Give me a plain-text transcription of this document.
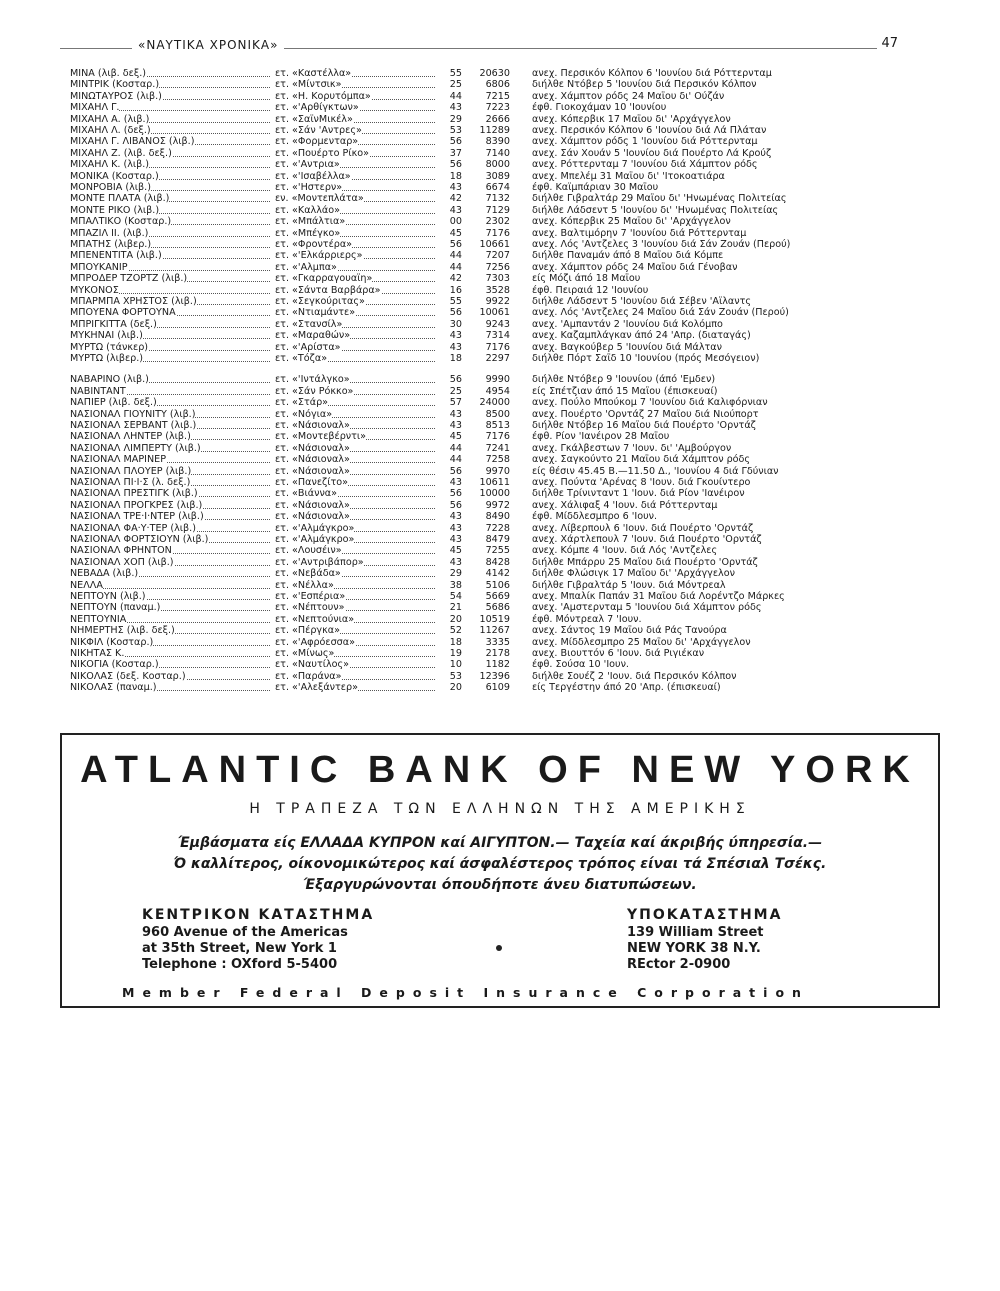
«ΝΑΥΤΙΚΑ ΧΡΟΝΙΚΑ»	47
ΜΙΝΑ (λιβ. δεξ.)	ετ. «Καστέλλα»	55	20630 ανεχ. Περσικόν Κόλπον 6 'Ιουνίου διά Ρόττερνταμ
ΜΙΝΤΡΙΚ (Κοσταρ.)	ετ. «Μίντσικ»	25	6806 διήλθε Ντόβερ 5 'Ιουνίου διά Περσικόν Κόλπον
ΜΙΝΩΤΑΥΡΟΣ (λιβ.)	ετ. «Η. Κορυτόμπα»	44	7215 ανεχ. Χάμπτον ρόδς 24 Μαΐου δι' Ούζάν
ΜΙΧΑΗΛ Γ.	ετ. «'Αρθίγκτων»	43	7223 έφθ. Γιοκοχάμαν 10 'Ιουνίου
ΜΙΧΑΗΛ Α. (λιβ.)	ετ. «ΣαϊνΜικέλ»	29	2666 ανεχ. Κόπερβικ 17 Μαΐου δι' 'Αρχάγγελον
ΜΙΧΑΗΛ Λ. (δεξ.)	ετ. «Σάν 'Αντρες»	53	11289 ανεχ. Περσικόν Κόλπον 6 'Ιουνίου διά Λά Πλάταν
ΜΙΧΑΗΛ Γ. ΛΙΒΑΝΟΣ (λιβ.)	ετ. «Φορμενταρ»	56	8390 ανεχ. Χάμπτον ρόδς 1 'Ιουνίου διά Ρόττερνταμ
ΜΙΧΑΗΛ Ζ. (λιβ. δεξ.)	ετ. «Πουέρτο Ρίκο»	37	7140 ανεχ. Σάν Χουάν 5 'Ιουνίου διά Πουέρτο Λά Κρούζ
ΜΙΧΑΗΛ Κ. (λιβ.)	ετ. «'Αντρια»	56	8000 ανεχ. Ρόττερνταμ 7 'Ιουνίου διά Χάμπτον ρόδς
ΜΟΝΙΚΑ (Κοσταρ.)	ετ. «'Ισαβέλλα»	18	3089 ανεχ. Μπελέμ 31 Μαΐου δι' 'Ιτοκοατιάρα
ΜΟΝΡΟΒΙΑ (λιβ.)	ετ. «'Ηστερν»	43	6674 έφθ. Καϊμπάριαν 30 Μαΐου
ΜΟΝΤΕ ΠΛΑΤΑ (λιβ.)	εν. «Μοντεπλάτα»	42	7132 διήλθε Γιβραλτάρ 29 Μαΐου δι' 'Ηνωμένας Πολιτείας
ΜΟΝΤΕ ΡΙΚΟ (λιβ.)	ετ. «Καλλάο»	43	7129 διήλθε Λάδσεντ 5 'Ιουνίου δι' 'Ηνωμένας Πολιτείας
ΜΠΑΛΤΙΚΟ (Κοσταρ.)	ετ. «Μπάλτια»	00	2302 ανεχ. Κόπερβικ 25 Μαΐου δι' 'Αρχάγγελον
ΜΠΑΖΙΛ ΙΙ. (λιβ.)	ετ. «Μπέγκο»	45	7176 ανεχ. Βαλτιμόρην 7 'Ιουνίου διά Ρόττερνταμ
ΜΠΑΤΗΣ (λιβερ.)	ετ. «Φροντέρα»	56	10661 ανεχ. Λός 'Αντζελες 3 'Ιουνίου διά Σάν Ζουάν (Περού)
ΜΠΕΝΕΝΤΙΤΑ (λιβ.)	ετ. «'Ελκάρριερς»	44	7207 διήλθε Παναμάν άπό 8 Μαΐου διά Κόμπε
ΜΠΟΥΚΑΝΙΡ	ετ. «'Αλμπα»	44	7256 ανεχ. Χάμπτον ρόδς 24 Μαΐου διά Γένοβαν
ΜΠΡΟΔΕΡ ΤΖΟΡΤΖ (λιβ.)	ετ. «Γκαρραγουαϊη»	42	7303 είς Μόζι άπό 18 Μαΐου
ΜΥΚΟΝΟΣ	ετ. «Σάντα Βαρβάρα»	16	3528 έφθ. Πειραιά 12 'Ιουνίου
ΜΠΑΡΜΠΑ ΧΡΗΣΤΟΣ (λιβ.)	ετ. «Σεγκούριτας»	55	9922 διήλθε Λάδσεντ 5 'Ιουνίου διά Σέβεν 'Αϊλαντς
ΜΠΟΥΕΝΑ ΦΟΡΤΟΥΝΑ	ετ. «Ντιαμάντε»	56	10061 ανεχ. Λός 'Αντζελες 24 Μαΐου διά Σάν Ζουάν (Περού)
ΜΠΡΙΓΚΙΤΤΑ (δεξ.)	ετ. «Στανσίλ»	30	9243 ανεχ. 'Αμπαντάν 2 'Ιουνίου διά Κολόμπο
ΜΥΚΗΝΑΙ (λιβ.)	ετ. «Μαραθών»	43	7314 ανεχ. Καζαμπλάγκαν άπό 24 'Απρ. (διαταγάς)
ΜΥΡΤΩ (τάνκερ)	ετ. «'Αρίστα»	43	7176 ανεχ. Βαγκούβερ 5 'Ιουνίου διά Μάλταν
ΜΥΡΤΩ (λιβερ.)	ετ. «Τόζα»	18	2297 διήλθε Πόρτ Σαΐδ 10 'Ιουνίου (πρός Μεσόγειον)
ΝΑΒΑΡΙΝΟ (λιβ.)	ετ. «'Ιντάλγκο»	56	9990 διήλθε Ντόβερ 9 'Ιουνίου (άπό 'Εμδεν)
ΝΑΒΙΝΤΑΝΤ	ετ. «Σάν Ρόκκο»	25	4954 είς Σπέτζιαν άπό 15 Μαΐου (έπισκευαί)
ΝΑΠΙΕΡ (λιβ. δεξ.)	ετ. «Στάρ»	57	24000 ανεχ. Πούλο Μπούκομ 7 'Ιουνίου διά Καλιφόρνιαν
ΝΑΣΙΟΝΑΛ ΓΙΟΥΝΙΤΥ (λιβ.)	ετ. «Νόγια»	43	8500 ανεχ. Πουέρτο 'Ορντάζ 27 Μαΐου διά Νιούπορτ
ΝΑΣΙΟΝΑΛ ΣΕΡΒΑΝΤ (λιβ.)	ετ. «Νάσιοναλ»	43	8513 διήλθε Ντόβερ 16 Μαΐου διά Πουέρτο 'Ορντάζ
ΝΑΣΙΟΝΑΛ ΛΗΝΤΕΡ (λιβ.)	ετ. «Μοντεβέρντι»	45	7176 έφθ. Ρίον 'Ιανέιρον 28 Μαΐου
ΝΑΣΙΟΝΑΛ ΛΙΜΠΕΡΤΥ (λιβ.)	ετ. «Νάσιοναλ»	44	7241 ανεχ. Γκάλβεστων 7 'Ιουν. δι' 'Αμβούργον
ΝΑΣΙΟΝΑΛ ΜΑΡΙΝΕΡ	ετ. «Νάσιοναλ»	44	7258 ανεχ. Σαγκούντο 21 Μαΐου διά Χάμπτον ρόδς
ΝΑΣΙΟΝΑΛ ΠΛΟΥΕΡ (λιβ.)	ετ. «Νάσιοναλ»	56	9970 είς θέσιν 45.45 Β.—11.50 Δ., 'Ιουνίου 4 διά Γδύνιαν
ΝΑΣΙΟΝΑΛ ΠΙ·Ι·Σ (λ. δεξ.)	ετ. «Πανεζίτο»	43	10611 ανεχ. Πούντα 'Αρένας 8 'Ιουν. διά Γκουίντερο
ΝΑΣΙΟΝΑΛ ΠΡΕΣΤΙΓΚ (λιβ.)	ετ. «Βιάννα»	56	10000 διήλθε Τρίνινταντ 1 'Ιουν. διά Ρίον 'Ιανέιρον
ΝΑΣΙΟΝΑΛ ΠΡΟΓΚΡΕΣ (λιβ.)	ετ. «Νάσιοναλ»	56	9972 ανεχ. Χάλιφαξ 4 'Ιουν. διά Ρόττερνταμ
ΝΑΣΙΟΝΑΛ ΤΡΕ·Ι·ΝΤΕΡ (λιβ.)	ετ. «Νάσιοναλ»	43	8490 έφθ. Μίδδλεσμπρο 6 'Ιουν.
ΝΑΣΙΟΝΑΛ ΦΑ·Υ·ΤΕΡ (λιβ.)	ετ. «'Αλμάγκρο»	43	7228 ανεχ. Λίβερπουλ 6 'Ιουν. διά Πουέρτο 'Ορντάζ
ΝΑΣΙΟΝΑΛ ΦΟΡΤΣΙΟΥΝ (λιβ.)	ετ. «'Αλμάγκρο»	43	8479 ανεχ. Χάρτλεπουλ 7 'Ιουν. διά Πουέρτο 'Ορντάζ
ΝΑΣΙΟΝΑΛ ΦΡΗΝΤΟΝ	ετ. «Λουσέιν»	45	7255 ανεχ. Κόμπε 4 'Ιουν. διά Λός 'Αντζελες
ΝΑΣΙΟΝΑΛ ΧΟΠ (λιβ.)	ετ. «'Αντριβάπορ»	43	8428 διήλθε Μπάρρυ 25 Μαΐου διά Πουέρτο 'Ορντάζ
ΝΕΒΑΔΑ (λιβ.)	ετ. «Νεβάδα»	29	4142 διήλθε Φλώσιγκ 17 Μαΐου δι' 'Αρχάγγελον
ΝΕΛΛΑ	ετ. «Νέλλα»	38	5106 διήλθε Γιβραλτάρ 5 'Ιουν. διά Μόντρεαλ
ΝΕΠΤΟΥΝ (λιβ.)	ετ. «'Εσπέρια»	54	5669 ανεχ. Μπαλίκ Παπάν 31 Μαΐου διά Λορέντζο Μάρκες
ΝΕΠΤΟΥΝ (παναμ.)	ετ. «Νέπτουν»	21	5686 ανεχ. 'Αμστερνταμ 5 'Ιουνίου διά Χάμπτον ρόδς
ΝΕΠΤΟΥΝΙΑ	ετ. «Νεπτούνια»	20	10519 έφθ. Μόντρεαλ 7 'Ιουν.
ΝΗΜΕΡΤΗΣ (λιβ. δεξ.)	ετ. «Πέργκα»	52	11267 ανεχ. Σάντος 19 Μαΐου διά Ράς Τανούρα
ΝΙΚΦΙΛ (Κοσταρ.)	ετ. «'Αφρόεσσα»	18	3335 ανεχ. Μίδδλεσμπρο 25 Μαΐου δι' 'Αρχάγγελον
ΝΙΚΗΤΑΣ Κ.	ετ. «Μίνως»	19	2178 ανεχ. Βιουττόν 6 'Ιουν. διά Ριγιέκαν
ΝΙΚΟΓΙΑ (Κοσταρ.)	ετ. «Ναυτίλος»	10	1182 έφθ. Σούσα 10 'Ιουν.
ΝΙΚΟΛΑΣ (δεξ. Κοσταρ.)	ετ. «Παράνα»	53	12396 διήλθε Σουέζ 2 'Ιουν. διά Περσικόν Κόλπον
ΝΙΚΟΛΑΣ (παναμ.)	ετ. «'Αλεξάντερ»	20	6109 είς Τεργέστην άπό 20 'Απρ. (έπισκευαί)
ATLANTIC BANK OF NEW YORK
Η ΤΡΑΠΕΖΑ ΤΩΝ ΕΛΛΗΝΩΝ ΤΗΣ ΑΜΕΡΙΚΗΣ
Έμβάσματα είς ΕΛΛΑΔΑ ΚΥΠΡΟΝ καί ΑΙΓΥΠΤΟΝ.— Ταχεία καί άκριβής ύπηρεσία.—
Ό καλλίτερος, οίκονομικώτερος καί άσφαλέστερος τρόπος είναι τά Σπέσιαλ Τσέκς.
Έξαργυρώνονται όπουδήποτε άνευ διατυπώσεων.
ΚΕΝΤΡΙΚΟΝ ΚΑΤΑΣΤΗΜΑ
960 Avenue of the Americas
at 35th Street, New York 1
Telephone : OXford 5-5400
ΥΠΟΚΑΤΑΣΤΗΜΑ
139 William Street
NEW YORK 38 N.Y.
REctor 2-0900
Member Federal Deposit Insurance Corporation
